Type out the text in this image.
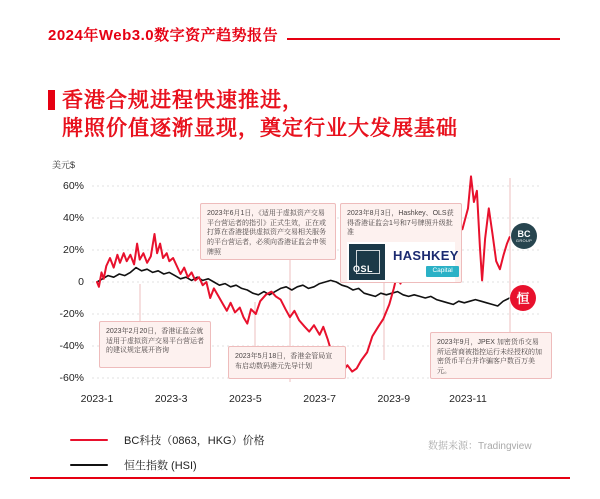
2024年Web3.0数字资产趋势报告
香港合规进程快速推进，
牌照价值逐渐显现，奠定行业大发展基础
美元$
60%
40%
20%
0
-20%
-40%
-60%
2023-1	2023-3	2023-5	2023-7	2023-9	2023-11
2023年6月1日，《适用于虚拟资产交易平台营运者的指引》正式生效，正在或打算在香港提供虚拟资产交易相关服务的平台营运者，必须向香港证监会申领牌照
2023年8月3日，Hashkey、OLS获得香港证监会1号和7号牌照升级批准
OSL
HASHKEY
Capital
2023年2月20日，香港证监会就适用于虚拟资产交易平台营运者的建议规定展开咨询
2023年5月18日，香港金管局宣布启动数码港元先导计划
2023年9月，JPEX 加密货币交易所运营商被指控运行未经授权的加密货币平台并诈骗客户数百万美元。
BC
GROUP
恒
BC科技（0863，HKG）价格
恒生指数 (HSI)
数据来源：Tradingview
